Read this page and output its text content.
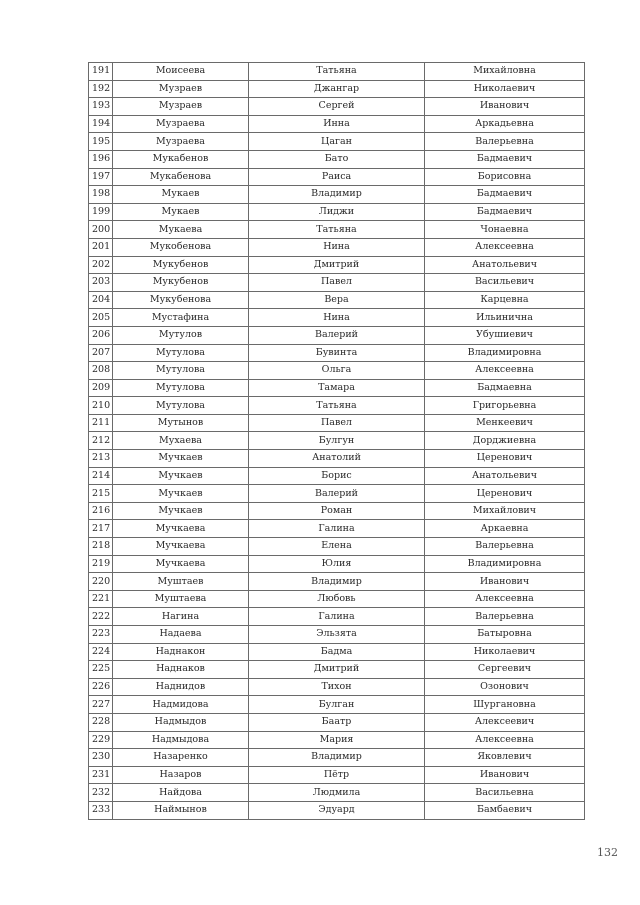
191	Моисеева	Татьяна	Михайловна
192	Музраев	Джангар	Николаевич
193	Музраев	Сергей	Иванович
194	Музраева	Инна	Аркадьевна
195	Музраева	Цаган	Валерьевна
196	Мукабенов	Бато	Бадмаевич
197	Мукабенова	Раиса	Борисовна
198	Мукаев	Владимир	Бадмаевич
199	Мукаев	Лиджи	Бадмаевич
200	Мукаева	Татьяна	Чонаевна
201	Мукобенова	Нина	Алексеевна
202	Мукубенов	Дмитрий	Анатольевич
203	Мукубенов	Павел	Васильевич
204	Мукубенова	Вера	Карцевна
205	Мустафина	Нина	Ильинична
206	Мутулов	Валерий	Убушиевич
207	Мутулова	Бувинта	Владимировна
208	Мутулова	Ольга	Алексеевна
209	Мутулова	Тамара	Бадмаевна
210	Мутулова	Татьяна	Григорьевна
211	Мутынов	Павел	Менкеевич
212	Мухаева	Булгун	Дорджиевна
213	Мучкаев	Анатолий	Церенович
214	Мучкаев	Борис	Анатольевич
215	Мучкаев	Валерий	Церенович
216	Мучкаев	Роман	Михайлович
217	Мучкаева	Галина	Аркаевна
218	Мучкаева	Елена	Валерьевна
219	Мучкаева	Юлия	Владимировна
220	Муштаев	Владимир	Иванович
221	Муштаева	Любовь	Алексеевна
222	Нагина	Галина	Валерьевна
223	Надаева	Эльзята	Батыровна
224	Наднакон	Бадма	Николаевич
225	Наднаков	Дмитрий	Сергеевич
226	Наднидов	Тихон	Озонович
227	Надмидова	Булган	Шургановна
228	Надмыдов	Баатр	Алексеевич
229	Надмыдова	Мария	Алексеевна
230	Назаренко	Владимир	Яковлевич
231	Назаров	Пётр	Иванович
232	Найдова	Людмила	Васильевна
233	Наймынов	Эдуард	Бамбаевич
132
